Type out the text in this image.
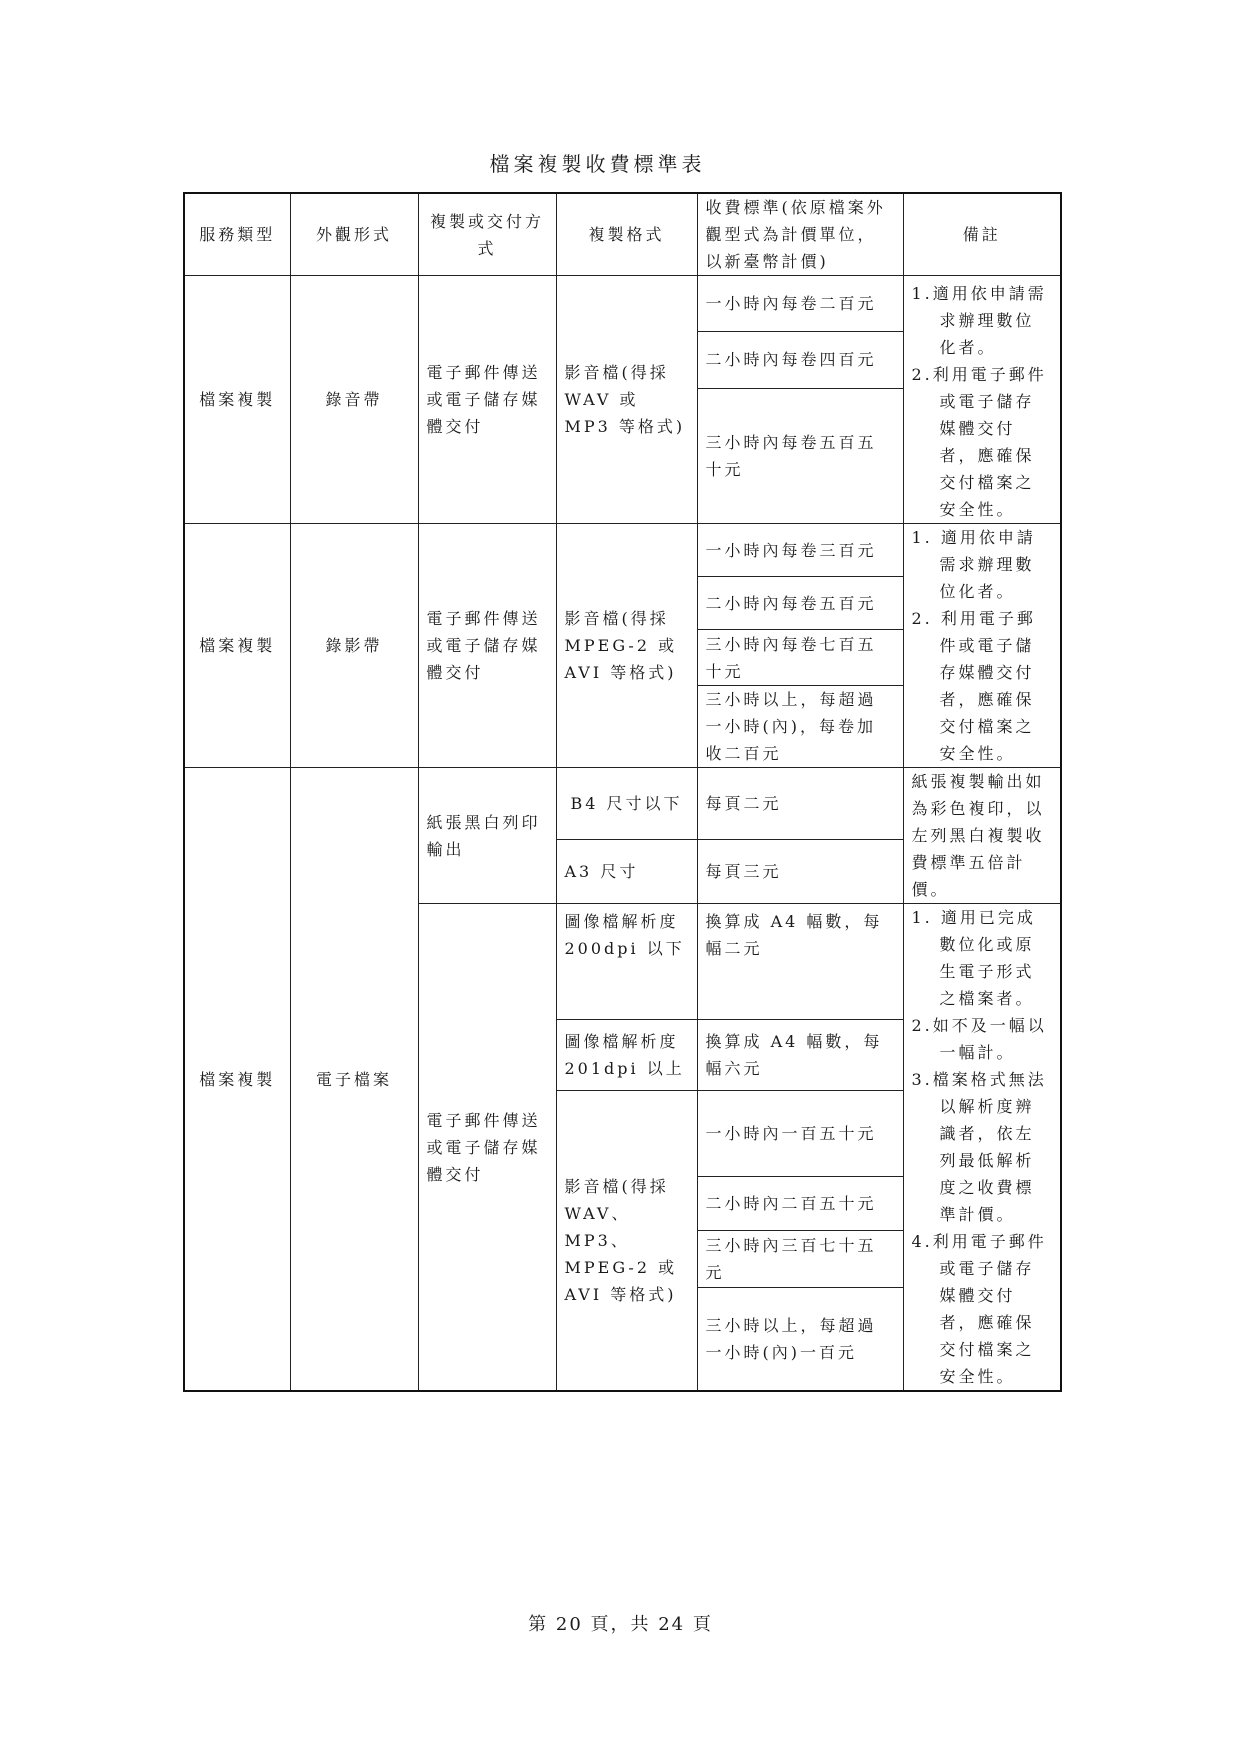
檔案複製收費標準表
服務類型	外觀形式	複製或交付方式	複製格式	收費標準(依原檔案外觀型式為計價單位，以新臺幣計價)	備註
檔案複製	錄音帶	電子郵件傳送或電子儲存媒體交付	影音檔(得採 WAV 或 MP3 等格式)	一小時內每卷二百元	1.適用依申請需求辦理數位化者。
2.利用電子郵件或電子儲存媒體交付者，應確保交付檔案之安全性。

				二小時內每卷四百元	
				三小時內每卷五百五十元	
檔案複製	錄影帶	電子郵件傳送或電子儲存媒體交付	影音檔(得採 MPEG-2 或 AVI 等格式)	一小時內每卷三百元	1. 適用依申請需求辦理數位化者。
2. 利用電子郵件或電子儲存媒體交付者，應確保交付檔案之安全性。

				二小時內每卷五百元	
				三小時內每卷七百五十元	
				三小時以上，每超過一小時(內)，每卷加收二百元	
檔案複製	電子檔案	紙張黑白列印輸出	B4 尺寸以下	每頁二元	紙張複製輸出如為彩色複印，以左列黑白複製收費標準五倍計價。
			A3 尺寸	每頁三元	
		電子郵件傳送或電子儲存媒體交付	圖像檔解析度 200dpi 以下	換算成 A4 幅數，每幅二元	1. 適用已完成數位化或原生電子形式之檔案者。
2.如不及一幅以一幅計。
3.檔案格式無法以解析度辨識者，依左列最低解析度之收費標準計價。
4.利用電子郵件或電子儲存媒體交付者，應確保交付檔案之安全性。

			圖像檔解析度 201dpi 以上	換算成 A4 幅數，每幅六元	
			影音檔(得採 WAV、MP3、MPEG-2 或 AVI 等格式)	一小時內一百五十元	
				二小時內二百五十元	
				三小時內三百七十五元	
				三小時以上，每超過一小時(內)一百元	
第 20 頁，共 24 頁
